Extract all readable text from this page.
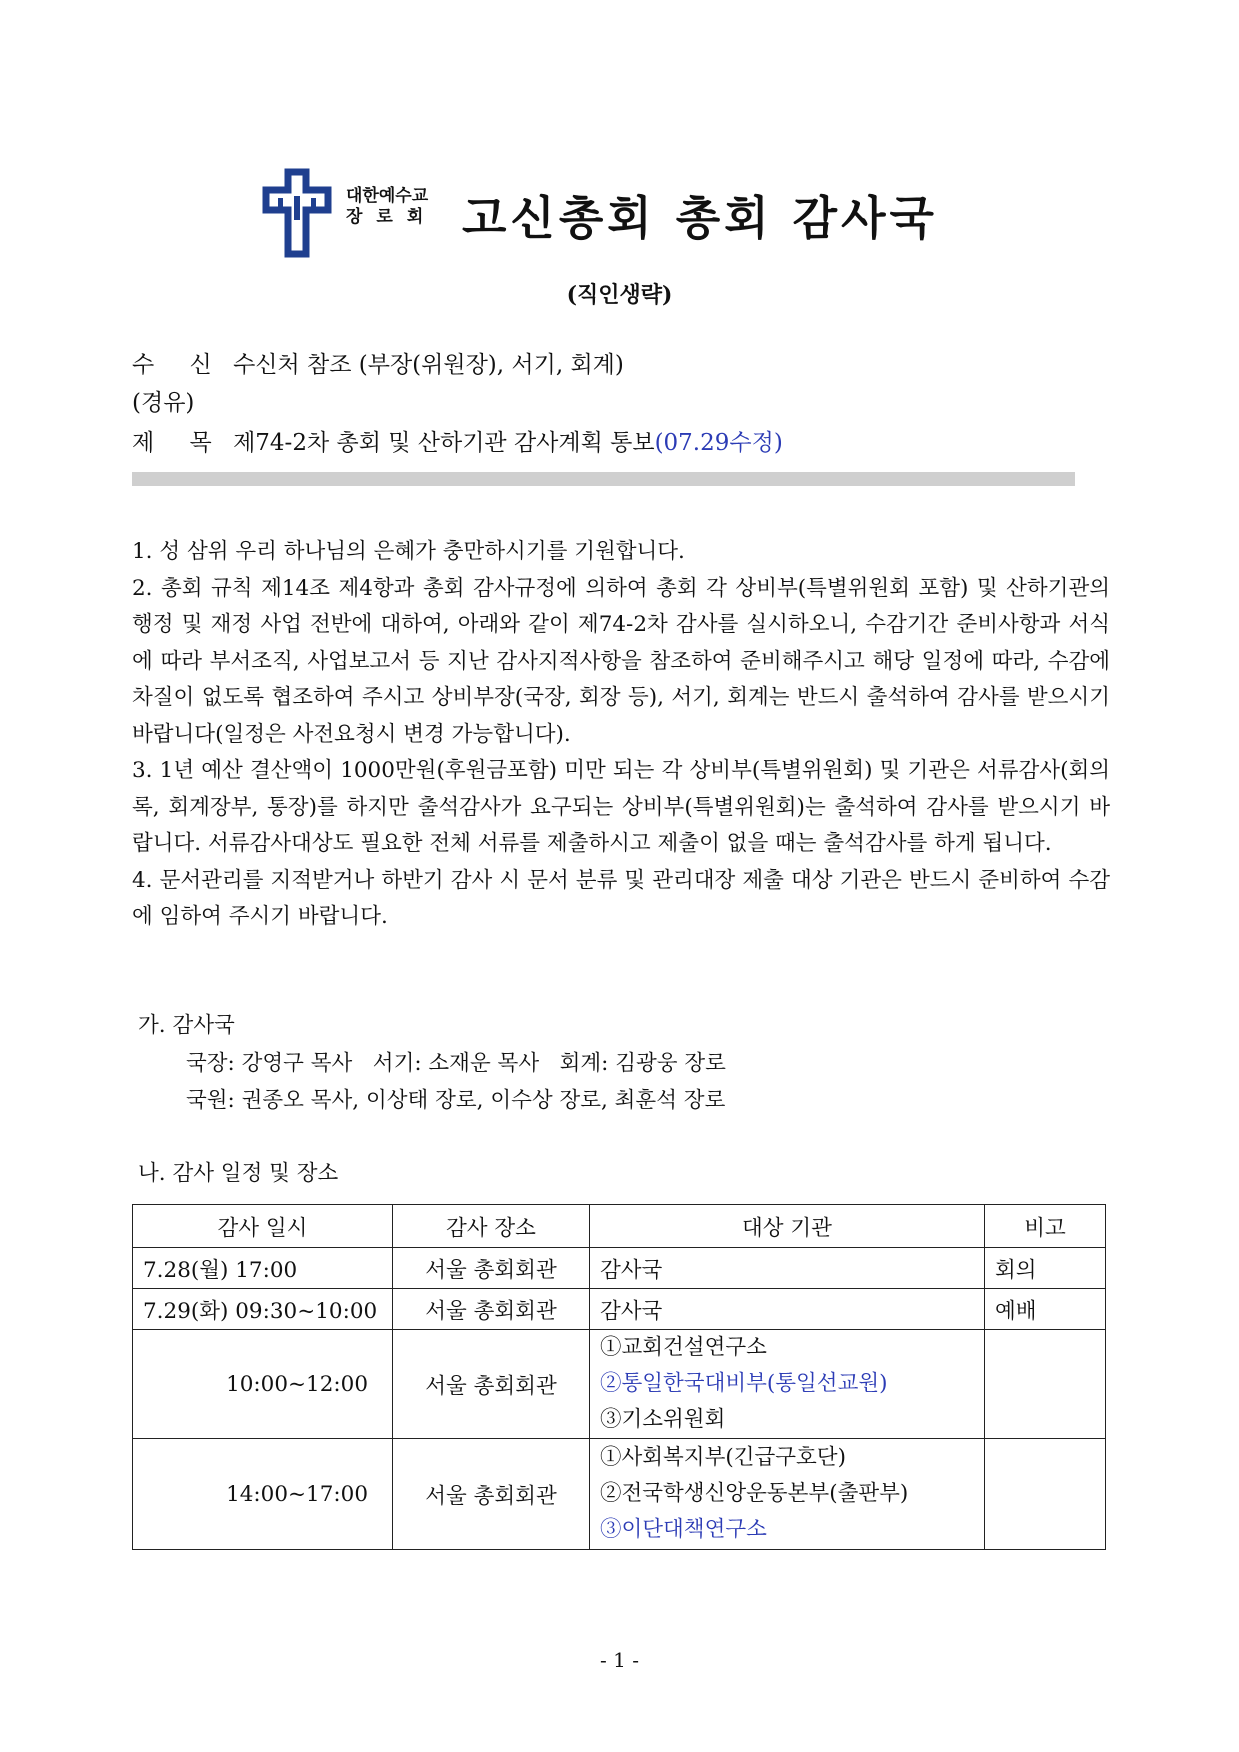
대한예수교
장로회 고신총회 총회 감사국
(직인생략)
수 신 수신처 참조 (부장(위원장), 서기, 회계)
(경유)
제 목 제74-2차 총회 및 산하기관 감사계획 통보(07.29수정)

1. 성 삼위 우리 하나님의 은혜가 충만하시기를 기원합니다.

2. 총회 규칙 제14조 제4항과 총회 감사규정에 의하여 총회 각 상비부(특별위원회 포함) 및 산하기관의 행정 및 재정 사업 전반에 대하여, 아래와 같이 제74-2차 감사를 실시하오니, 수감기간 준비사항과 서식에 따라 부서조직, 사업보고서 등 지난 감사지적사항을 참조하여 준비해주시고 해당 일정에 따라, 수감에 차질이 없도록 협조하여 주시고 상비부장(국장, 회장 등), 서기, 회계는 반드시 출석하여 감사를 받으시기 바랍니다(일정은 사전요청시 변경 가능합니다).

3. 1년 예산 결산액이 1000만원(후원금포함) 미만 되는 각 상비부(특별위원회) 및 기관은 서류감사(회의록, 회계장부, 통장)를 하지만 출석감사가 요구되는 상비부(특별위원회)는 출석하여 감사를 받으시기 바랍니다. 서류감사대상도 필요한 전체 서류를 제출하시고 제출이 없을 때는 출석감사를 하게 됩니다.

4. 문서관리를 지적받거나 하반기 감사 시 문서 분류 및 관리대장 제출 대상 기관은 반드시 준비하여 수감에 임하여 주시기 바랍니다.

가. 감사국
국장: 강영구 목사   서기: 소재운 목사   회계: 김광웅 장로
국원: 권종오 목사, 이상태 장로, 이수상 장로, 최훈석 장로
나. 감사 일정 및 장소
감사 일시	감사 장소	대상 기관	비고
7.28(월) 17:00	서울 총회회관	감사국	회의
7.29(화) 09:30~10:00	서울 총회회관	감사국	예배
10:00~12:00	서울 총회회관	①교회건설연구소
②통일한국대비부(통일선교원)
③기소위원회	

14:00~17:00	서울 총회회관	①사회복지부(긴급구호단)
②전국학생신앙운동본부(출판부)
③이단대책연구소	

- 1 -
